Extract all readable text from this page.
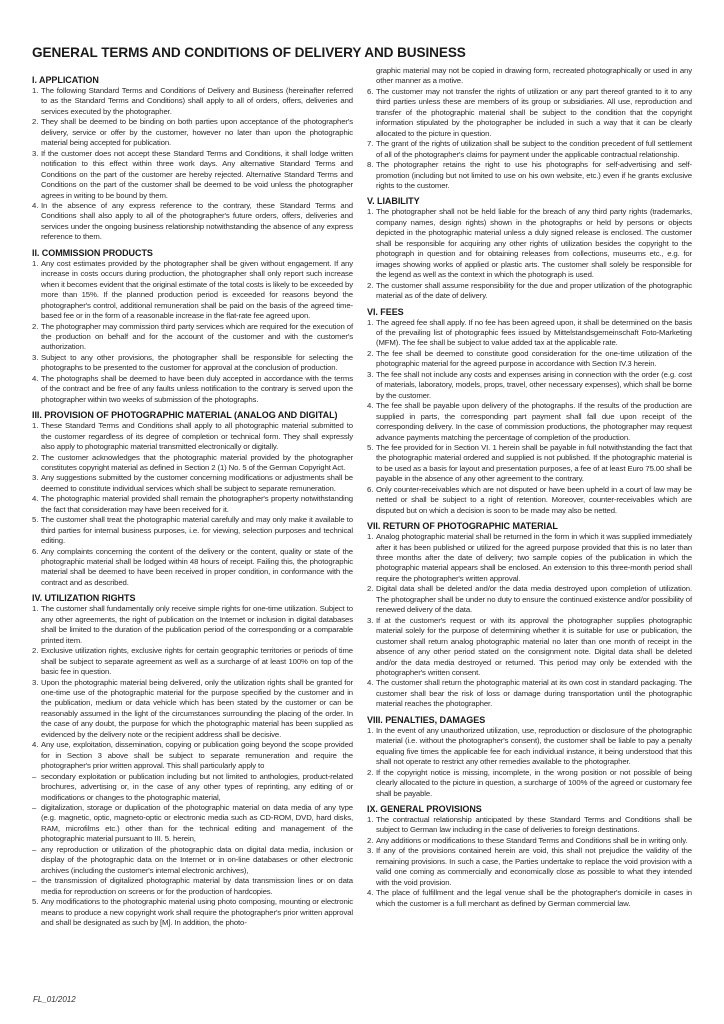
GENERAL TERMS AND CONDITIONS OF DELIVERY AND BUSINESS
I. APPLICATION
1. The following Standard Terms and Conditions of Delivery and Business (hereinafter referred to as the Standard Terms and Conditions) shall apply to all of orders, offers, deliveries and services executed by the photographer.
2. They shall be deemed to be binding on both parties upon acceptance of the photographer's delivery, service or offer by the customer, however no later than upon the photographic material being accepted for publication.
3. If the customer does not accept these Standard Terms and Conditions, it shall lodge written notification to this effect within three work days. Any alternative Standard Terms and Conditions on the part of the customer are hereby rejected. Alternative Standard Terms and Conditions on the part of the customer shall be deemed to be void unless the photographer agrees in writing to be bound by them.
4. In the absence of any express reference to the contrary, these Standard Terms and Conditions shall also apply to all of the photographer's future orders, offers, deliveries and services under the ongoing business relationship notwithstanding the absence of any express reference to them.
II. COMMISSION PRODUCTS
1. Any cost estimates provided by the photographer shall be given without engagement. If any increase in costs occurs during production, the photographer shall only report such increase when it becomes evident that the original estimate of the total costs is likely to be exceeded by more than 15%. If the planned production period is exceeded for reasons beyond the photographer's control, additional remuneration shall be paid on the basis of the agreed time-based fee or in the form of a reasonable increase in the flat-rate fee agreed upon.
2. The photographer may commission third party services which are required for the execution of the production on behalf and for the account of the customer and with the customer's authorization.
3. Subject to any other provisions, the photographer shall be responsible for selecting the photographs to be presented to the customer for approval at the conclusion of production.
4. The photographs shall be deemed to have been duly accepted in accordance with the terms of the contract and be free of any faults unless notification to the contrary is served upon the photographer within two weeks of submission of the photographs.
III. PROVISION OF PHOTOGRAPHIC MATERIAL (ANALOG AND DIGITAL)
1. These Standard Terms and Conditions shall apply to all photographic material submitted to the customer regardless of its degree of completion or technical form. They shall expressly also apply to photographic material transmitted electronically or digitally.
2. The customer acknowledges that the photographic material provided by the photographer constitutes copyright material as defined in Section 2 (1) No. 5 of the German Copyright Act.
3. Any suggestions submitted by the customer concerning modifications or adjustments shall be deemed to constitute individual services which shall be subject to separate remuneration.
4. The photographic material provided shall remain the photographer's property notwithstanding the fact that consideration may have been received for it.
5. The customer shall treat the photographic material carefully and may only make it available to third parties for internal business purposes, i.e. for viewing, selection purposes and technical editing.
6. Any complaints concerning the content of the delivery or the content, quality or state of the photographic material shall be lodged within 48 hours of receipt. Failing this, the photographic material shall be deemed to have been received in proper condition, in conformance with the contract and as described.
IV. UTILIZATION RIGHTS
1. The customer shall fundamentally only receive simple rights for one-time utilization. Subject to any other agreements, the right of publication on the Internet or inclusion in digital databases shall be limited to the duration of the publication period of the corresponding or a comparable printed item.
2. Exclusive utilization rights, exclusive rights for certain geographic territories or periods of time shall be subject to separate agreement as well as a surcharge of at least 100% on top of the basic fee in question.
3. Upon the photographic material being delivered, only the utilization rights shall be granted for one-time use of the photographic material for the purpose specified by the customer and in the publication, medium or data vehicle which has been stated by the customer or can be reasonably assumed in the light of the circumstances surrounding the placing of the order. In the case of any doubt, the purpose for which the photographic material has been supplied as evidenced by the delivery note or the recipient address shall be decisive.
4. Any use, exploitation, dissemination, copying or publication going beyond the scope provided for in Section 3 above shall be subject to separate remuneration and require the photographer's prior written approval. This shall particularly apply to
– secondary exploitation or publication including but not limited to anthologies, product-related brochures, advertising or, in the case of any other types of reprinting, any editing of or modifications or changes to the photographic material,
– digitalization, storage or duplication of the photographic material on data media of any type (e.g. magnetic, optic, magneto-optic or electronic media such as CD-ROM, DVD, hard disks, RAM, microfilms etc.) other than for the technical editing and management of the photographic material pursuant to III. 5. herein,
– any reproduction or utilization of the photographic data on digital data media, inclusion or display of the photographic data on the Internet or in on-line databases or other electronic archives (including the customer's internal electronic archives),
– the transmission of digitalized photographic material by data transmission lines or on data media for reproduction on screens or for the production of hardcopies.
5. Any modifications to the photographic material using photo composing, mounting or electronic means to produce a new copyright work shall require the photographer's prior written approval and shall be designated as such by [M]. In addition, the photo-
graphic material may not be copied in drawing form, recreated photographically or used in any other manner as a motive.
6. The customer may not transfer the rights of utilization or any part thereof granted to it to any third parties unless these are members of its group or subsidiaries. All use, reproduction and transfer of the photographic material shall be subject to the condition that the copyright information stipulated by the photographer be included in such a way that it can be clearly allocated to the picture in question.
7. The grant of the rights of utilization shall be subject to the condition precedent of full settlement of all of the photographer's claims for payment under the applicable contractual relationship.
8. The photographer retains the right to use his photographs for self-advertising and self-promotion (including but not limited to use on his own website, etc.) even if he grants exclusive rights to the customer.
V. LIABILITY
1. The photographer shall not be held liable for the breach of any third party rights (trademarks, company names, design rights) shown in the photographs or held by persons or objects depicted in the photographic material unless a duly signed release is enclosed. The customer shall be responsible for acquiring any other rights of utilization besides the copyright to the photograph in question and for obtaining releases from collections, museums etc., e.g. for images showing works of applied or plastic arts. The customer shall solely be responsible for the legend as well as the context in which the photograph is used.
2. The customer shall assume responsibility for the due and proper utilization of the photographic material as of the date of delivery.
VI. FEES
1. The agreed fee shall apply. If no fee has been agreed upon, it shall be determined on the basis of the prevailing list of photographic fees issued by Mittelstandsgemeinschaft Foto-Marketing (MFM). The fee shall be subject to value added tax at the applicable rate.
2. The fee shall be deemed to constitute good consideration for the one-time utilization of the photographic material for the agreed purpose in accordance with Section IV.3 herein.
3. The fee shall not include any costs and expenses arising in connection with the order (e.g. cost of materials, laboratory, models, props, travel, other necessary expenses), which shall be borne by the customer.
4. The fee shall be payable upon delivery of the photographs. If the results of the production are supplied in parts, the corresponding part payment shall fall due upon receipt of the corresponding delivery. In the case of commission productions, the photographer may request advance payments matching the percentage of completion of the production.
5. The fee provided for in Section VI. 1 herein shall be payable in full notwithstanding the fact that the photographic material ordered and supplied is not published. If the photographic material is to be used as a basis for layout and presentation purposes, a fee of at least Euro 75.00 shall be payable in the absence of any other agreement to the contrary.
6. Only counter-receivables which are not disputed or have been upheld in a court of law may be netted or shall be subject to a right of retention. Moreover, counter-receivables which are disputed but on which a decision is soon to be made may also be netted.
VII. RETURN OF PHOTOGRAPHIC MATERIAL
1. Analog photographic material shall be returned in the form in which it was supplied immediately after it has been published or utilized for the agreed purpose provided that this is no later than three months after the date of delivery; two sample copies of the publication in which the photographic material appears shall be enclosed. An extension to this three-month period shall require the photographer's written approval.
2. Digital data shall be deleted and/or the data media destroyed upon completion of utilization. The photographer shall be under no duty to ensure the continued existence and/or possibility of renewed delivery of the data.
3. If at the customer's request or with its approval the photographer supplies photographic material solely for the purpose of determining whether it is suitable for use or publication, the customer shall return analog photographic material no later than one month of receipt in the absence of any other period stated on the consignment note. Digital data shall be deleted and/or the data media destroyed or returned. This period may only be extended with the photographer's written consent.
4. The customer shall return the photographic material at its own cost in standard packaging. The customer shall bear the risk of loss or damage during transportation until the photographic material reaches the photographer.
VIII. PENALTIES, DAMAGES
1. In the event of any unauthorized utilization, use, reproduction or disclosure of the photographic material (i.e. without the photographer's consent), the customer shall be liable to pay a penalty equaling five times the applicable fee for each individual instance, it being understood that this shall not operate to restrict any other remedies available to the photographer.
2. If the copyright notice is missing, incomplete, in the wrong position or not possible of being clearly allocated to the picture in question, a surcharge of 100% of the agreed or customary fee shall be payable.
IX. GENERAL PROVISIONS
1. The contractual relationship anticipated by these Standard Terms and Conditions shall be subject to German law including in the case of deliveries to foreign destinations.
2. Any additions or modifications to these Standard Terms and Conditions shall be in writing only.
3. If any of the provisions contained herein are void, this shall not prejudice the validity of the remaining provisions. In such a case, the Parties undertake to replace the void provision with a valid one coming as commercially and economically close as possible to what they intended with the void provision.
4. The place of fulfillment and the legal venue shall be the photographer's domicile in cases in which the customer is a full merchant as defined by German commercial law.
FL_01/2012
